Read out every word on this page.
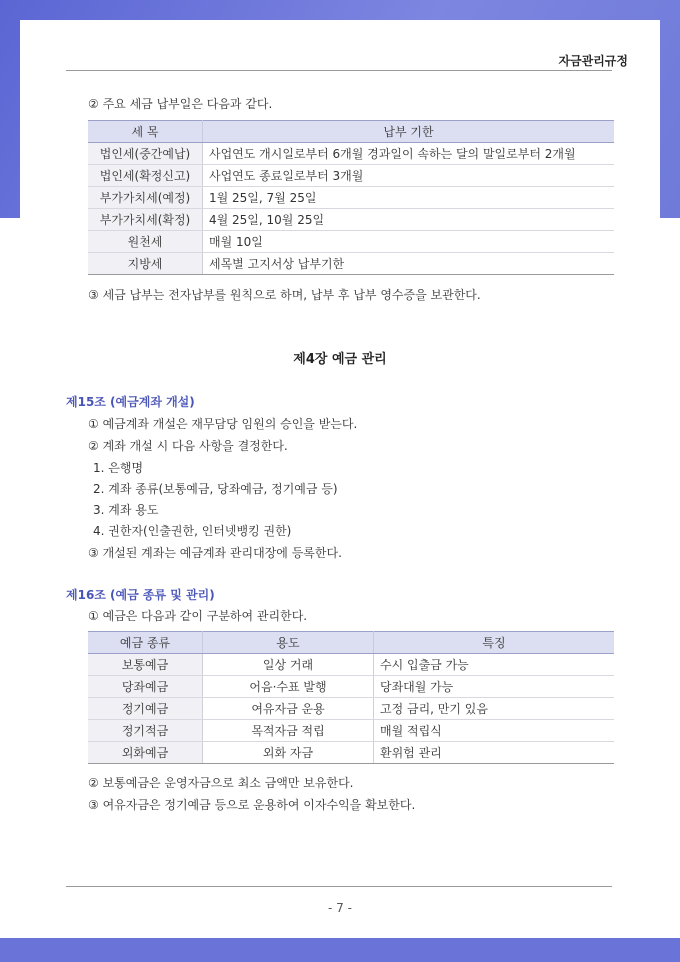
자금관리규정
② 주요 세금 납부일은 다음과 같다.
세 목	납부 기한
법인세(중간예납)	사업연도 개시일로부터 6개월 경과일이 속하는 달의 말일로부터 2개월
법인세(확정신고)	사업연도 종료일로부터 3개월
부가가치세(예정)	1월 25일, 7월 25일
부가가치세(확정)	4월 25일, 10월 25일
원천세	매월 10일
지방세	세목별 고지서상 납부기한
③ 세금 납부는 전자납부를 원칙으로 하며, 납부 후 납부 영수증을 보관한다.
제4장 예금 관리
제15조 (예금계좌 개설)
① 예금계좌 개설은 재무담당 임원의 승인을 받는다.
② 계좌 개설 시 다음 사항을 결정한다.
1. 은행명
2. 계좌 종류(보통예금, 당좌예금, 정기예금 등)
3. 계좌 용도
4. 권한자(인출권한, 인터넷뱅킹 권한)
③ 개설된 계좌는 예금계좌 관리대장에 등록한다.
제16조 (예금 종류 및 관리)
① 예금은 다음과 같이 구분하여 관리한다.
예금 종류	용도	특징
보통예금	일상 거래	수시 입출금 가능
당좌예금	어음·수표 발행	당좌대월 가능
정기예금	여유자금 운용	고정 금리, 만기 있음
정기적금	목적자금 적립	매월 적립식
외화예금	외화 자금	환위험 관리
② 보통예금은 운영자금으로 최소 금액만 보유한다.
③ 여유자금은 정기예금 등으로 운용하여 이자수익을 확보한다.
- 7 -
